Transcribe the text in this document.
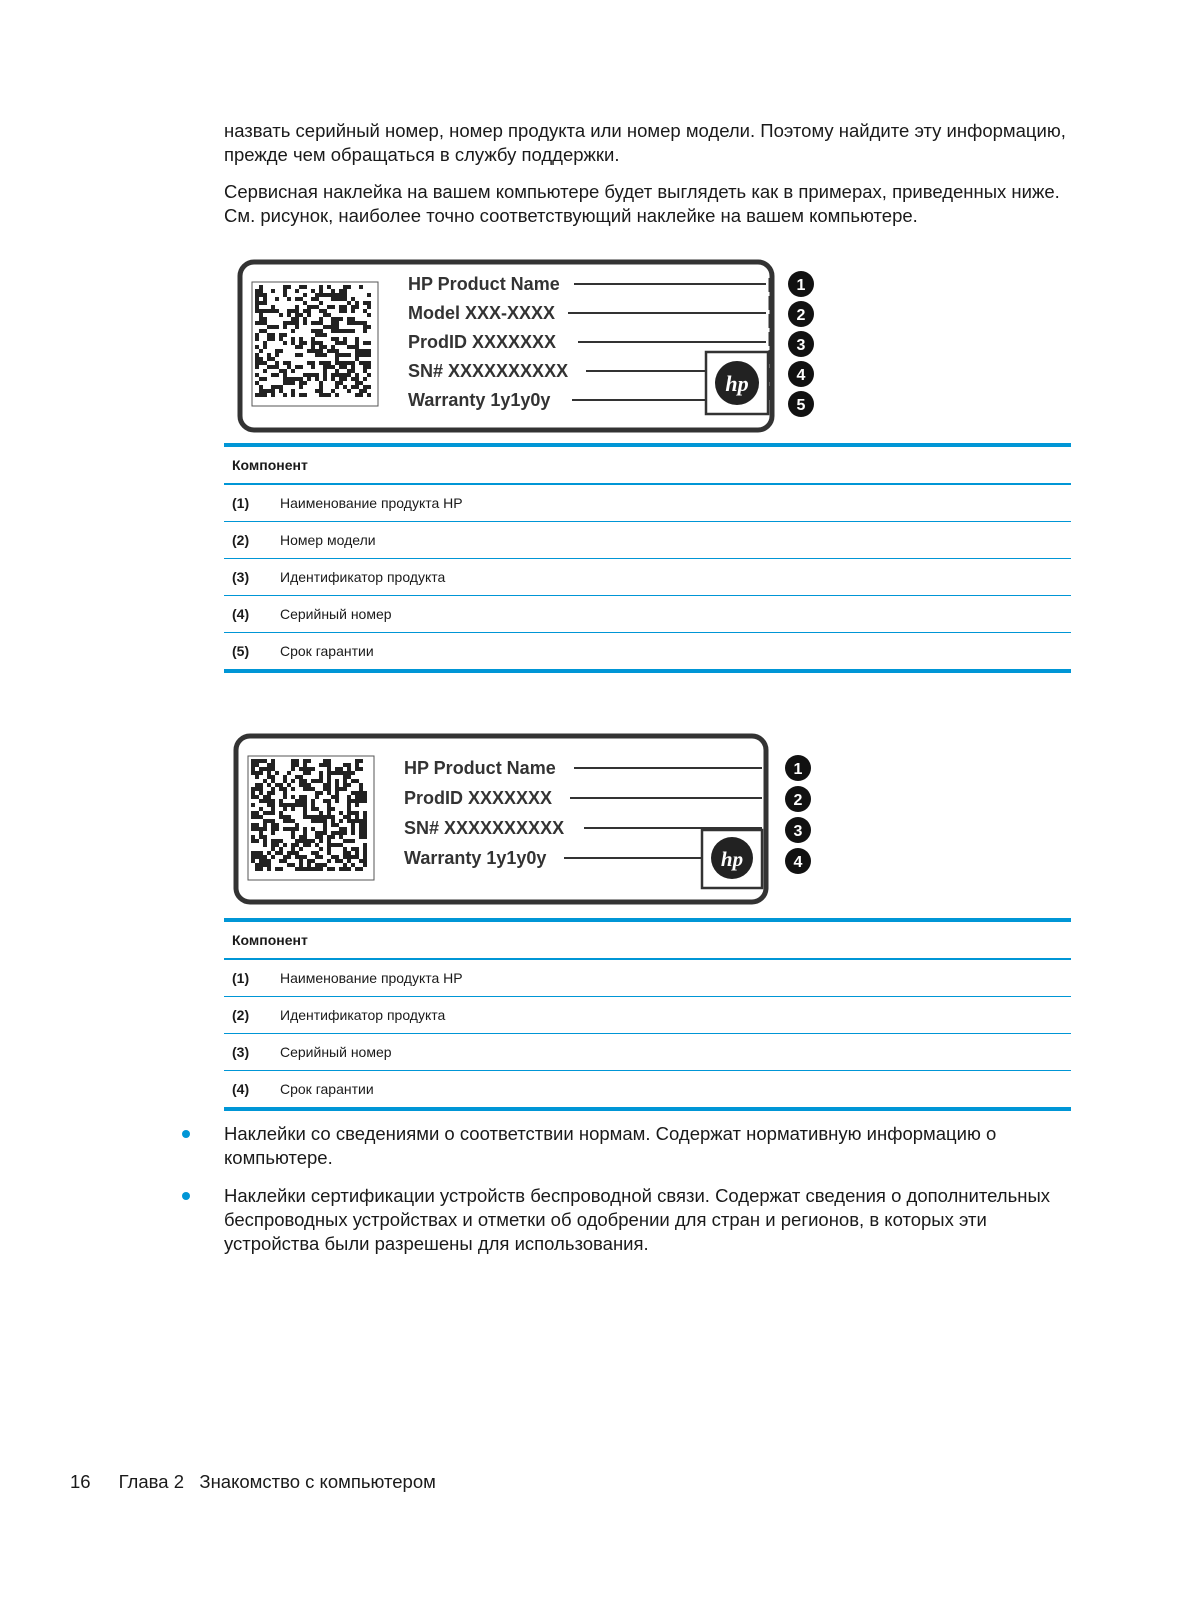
назвать серийный номер, номер продукта или номер модели. Поэтому найдите эту информацию, прежде чем обращаться в службу поддержки.

Сервисная наклейка на вашем компьютере будет выглядеть как в примерах, приведенных ниже. См. рисунок, наиболее точно соответствующий наклейке на вашем компьютере.

HP Product Name
Model XXX-XXXX
ProdID XXXXXXX
SN# XXXXXXXXXX
Warranty 1y1y0y
hp
1
2
3
4
5
Компонент
(1)	Наименование продукта HP
(2)	Номер модели
(3)	Идентификатор продукта
(4)	Серийный номер
(5)	Срок гарантии
HP Product Name
ProdID XXXXXXX
SN# XXXXXXXXXX
Warranty 1y1y0y	hp
1
2
3
4
Компонент
(1)	Наименование продукта HP
(2)	Идентификатор продукта
(3)	Серийный номер
(4)	Срок гарантии
Наклейки со сведениями о соответствии нормам. Содержат нормативную информацию о компьютере.
Наклейки сертификации устройств беспроводной связи. Содержат сведения о дополнительных беспроводных устройствах и отметки об одобрении для стран и регионов, в которых эти устройства были разрешены для использования.
16 Глава 2   Знакомство с компьютером
